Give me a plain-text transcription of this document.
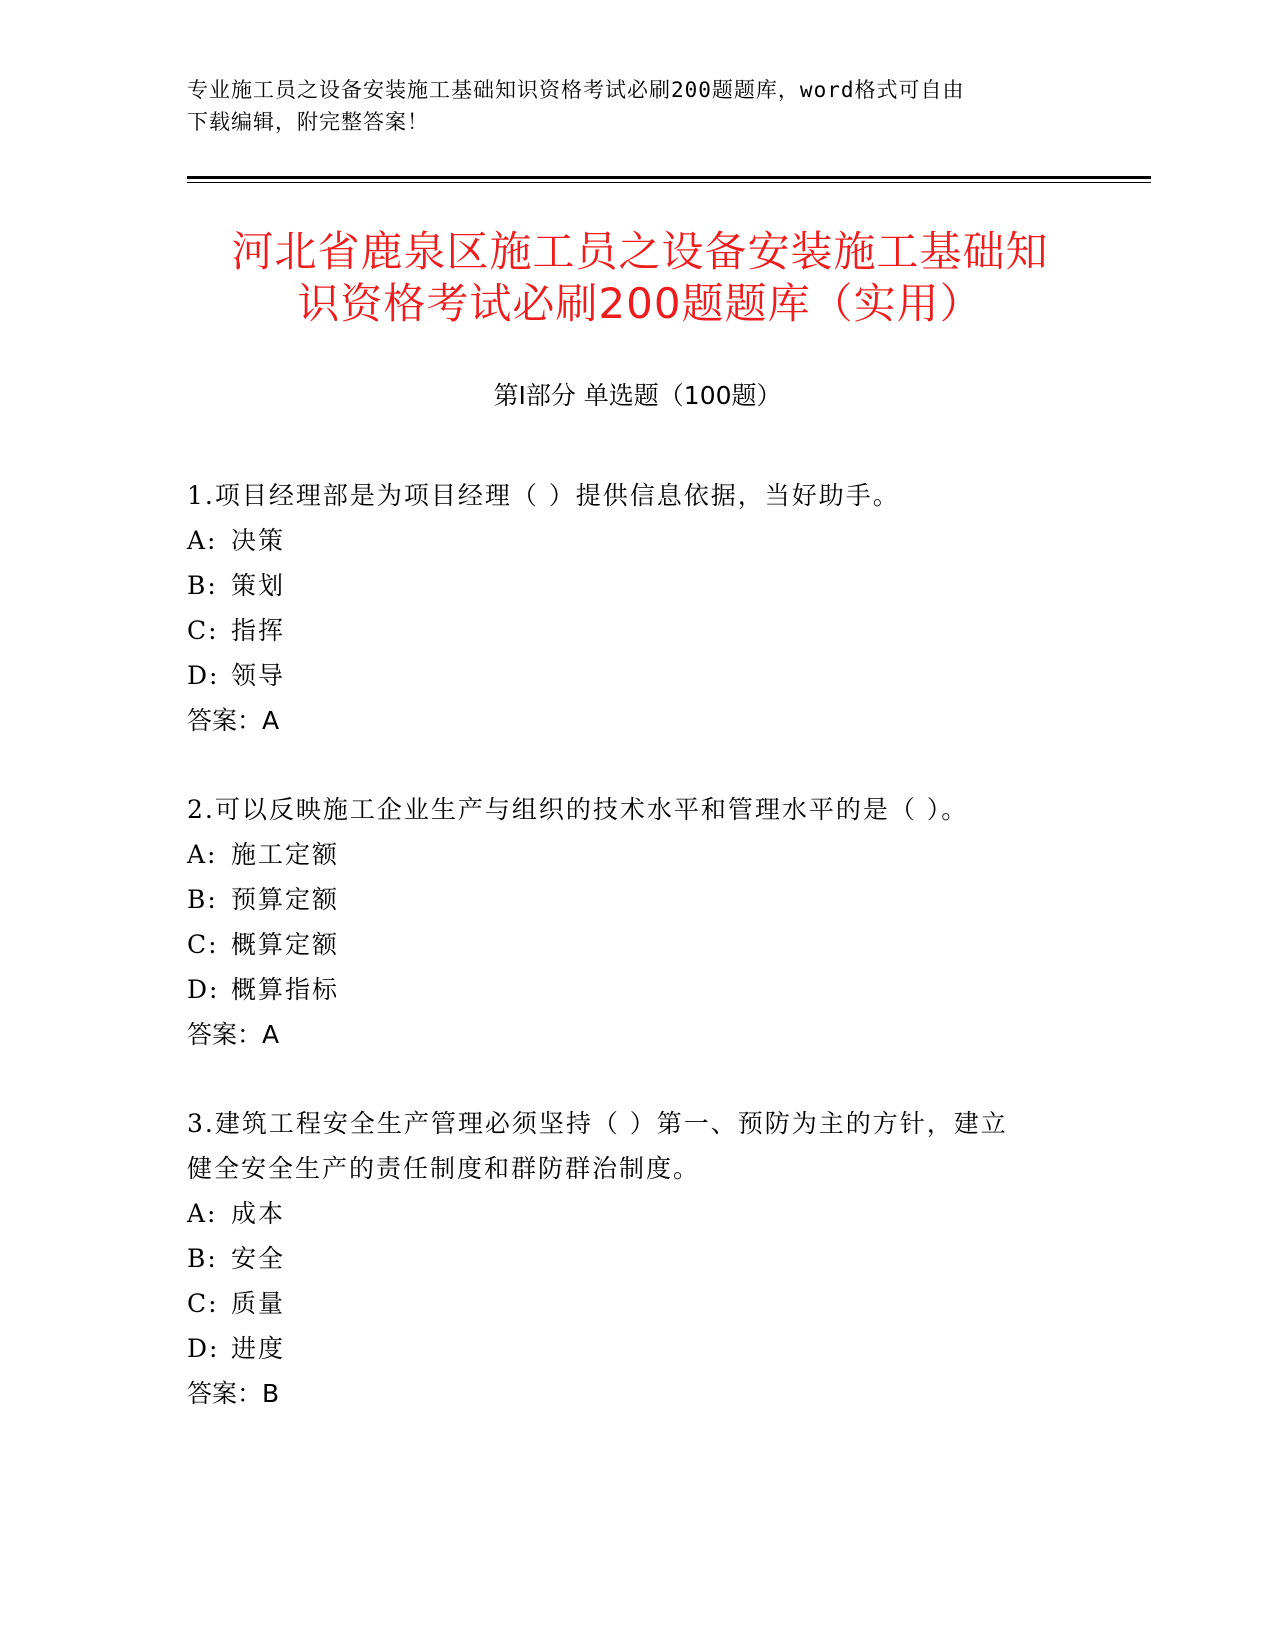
专业施工员之设备安装施工基础知识资格考试必刷200题题库，word格式可自由
下载编辑，附完整答案！
河北省鹿泉区施工员之设备安装施工基础知
识资格考试必刷200题题库（实用）
第Ⅰ部分 单选题（100题）

1.项目经理部是为项目经理（ ）提供信息依据，当好助手。

A: 决策
B: 策划
C: 指挥
D: 领导
答案：A

2.可以反映施工企业生产与组织的技术水平和管理水平的是（ ）。

A: 施工定额
B: 预算定额
C: 概算定额
D: 概算指标
答案：A

3.建筑工程安全生产管理必须坚持（ ）第一、预防为主的方针，建立

健全安全生产的责任制度和群防群治制度。

A: 成本
B: 安全
C: 质量
D: 进度
答案：B
